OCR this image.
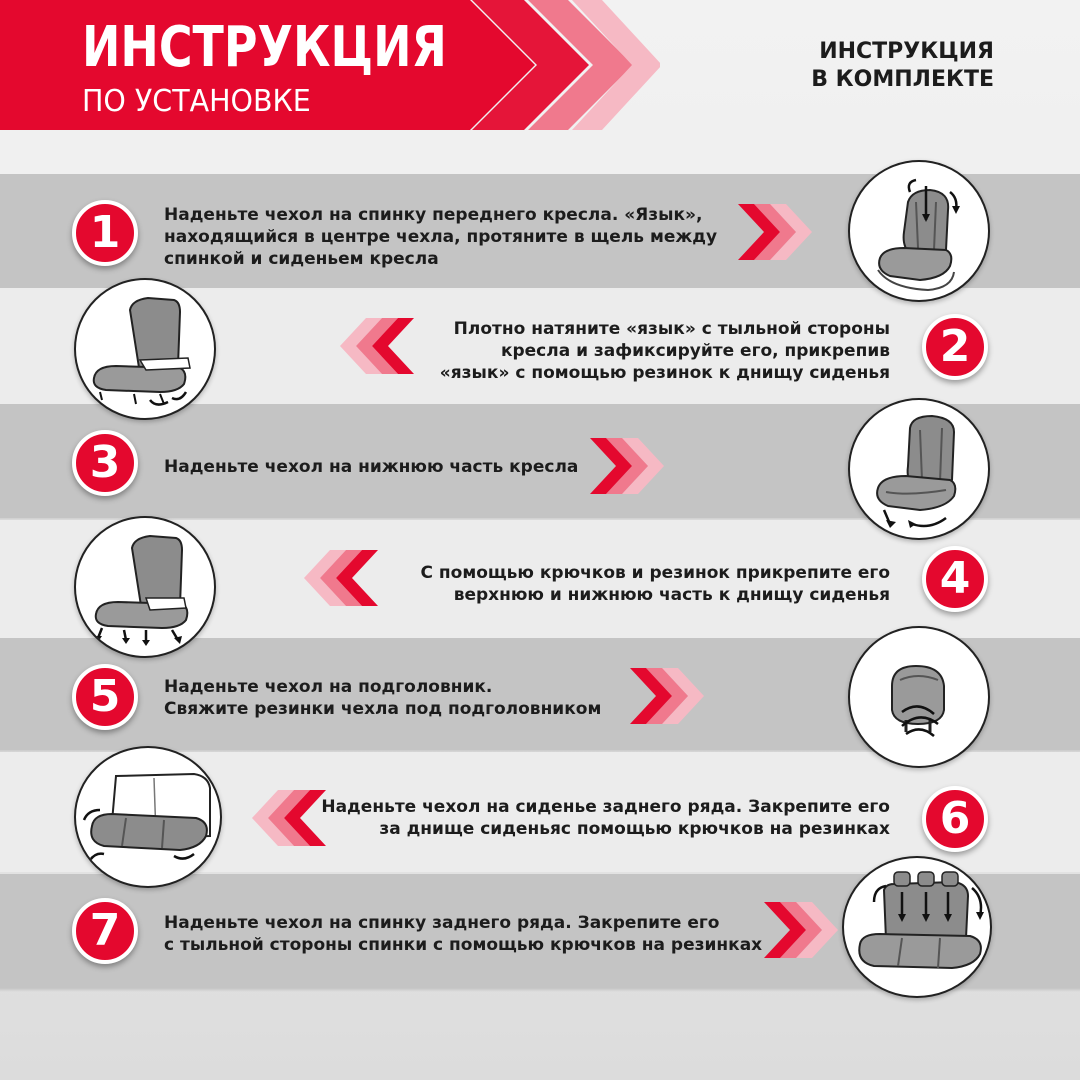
ИНСТРУКЦИЯ
ПО УСТАНОВКЕ
ИНСТРУКЦИЯ
В КОМПЛЕКТЕ
1	Наденьте чехол на спинку переднего кресла. «Язык»,
находящийся в центре чехла, протяните в щель между
спинкой и сиденьем кресла
Плотно натяните «язык» с тыльной стороны
кресла и зафиксируйте его, прикрепив
«язык» с помощью резинок к днищу сиденья
2
3	Наденьте чехол на нижнюю часть кресла
С помощью крючков и резинок прикрепите его
верхнюю и нижнюю часть к днищу сиденья	4
5	Наденьте чехол на подголовник.
Свяжите резинки чехла под подголовником
Наденьте чехол на сиденье заднего ряда. Закрепите его
за днище сиденьяс помощью крючков на резинках	6
7	Наденьте чехол на спинку заднего ряда. Закрепите его
с тыльной стороны спинки с помощью крючков на резинках
